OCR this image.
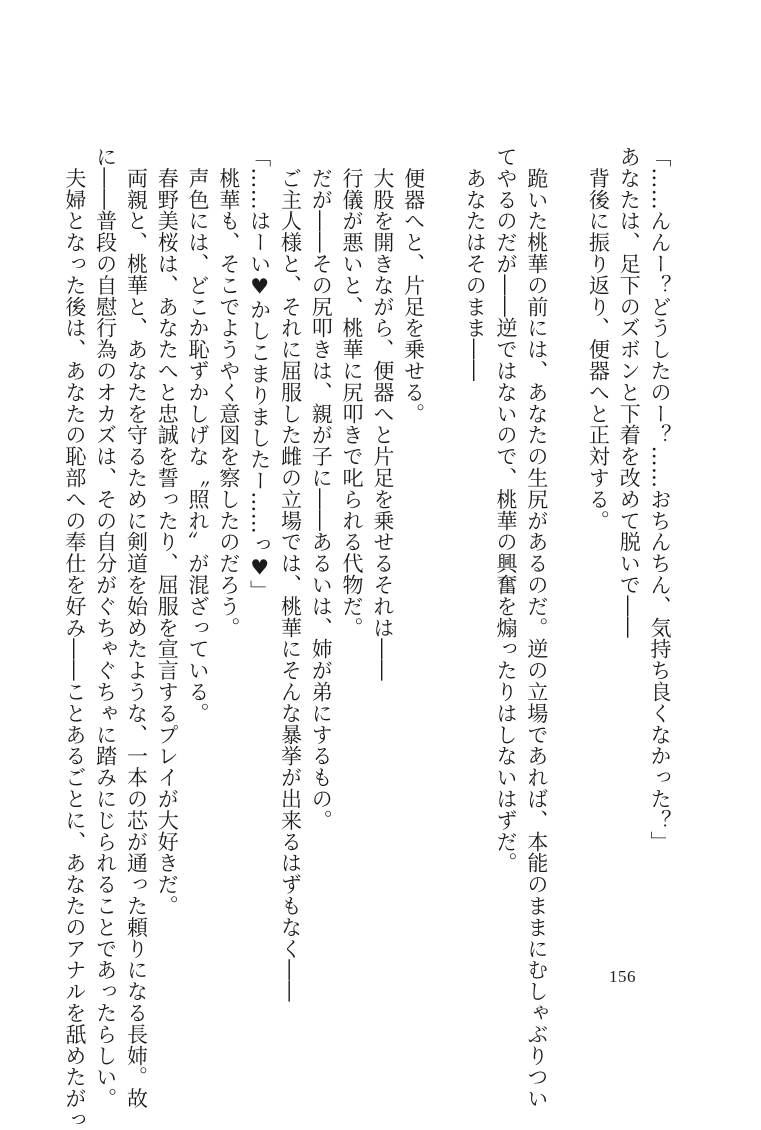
「……んんー？どうしたのー？……おちんちん、気持ち良くなかった？」
あなたは、足下のズボンと下着を改めて脱いで――
　背後に振り返り、便器へと正対する。
　跪いた桃華の前には、あなたの生尻があるのだ。逆の立場であれば、本能のままにむしゃぶりつい
てやるのだが――逆ではないので、桃華の興奮を煽ったりはしないはずだ。
　あなたはそのまま――
　便器へと、片足を乗せる。
　大股を開きながら、便器へと片足を乗せるそれは――
　行儀が悪いと、桃華に尻叩きで叱られる代物だ。
　だが――その尻叩きは、親が子に――あるいは、姉が弟にするもの。
　ご主人様と、それに屈服した雌の立場では、桃華にそんな暴挙が出来るはずもなく――
「……はーい♥かしこまりましたー……っ♥」
　桃華も、そこでようやく意図を察したのだろう。
　声色には、どこか恥ずかしげな〝照れ〟が混ざっている。
　春野美桜は、あなたへと忠誠を誓ったり、屈服を宣言するプレイが大好きだ。
　両親と、桃華と、あなたを守るために剣道を始めたような、一本の芯が通った頼りになる長姉。故
に――普段の自慰行為のオカズは、その自分がぐちゃぐちゃに踏みにじられることであったらしい。
　夫婦となった後は、あなたの恥部への奉仕を好み――ことあるごとに、あなたのアナルを舐めたがっ	156
